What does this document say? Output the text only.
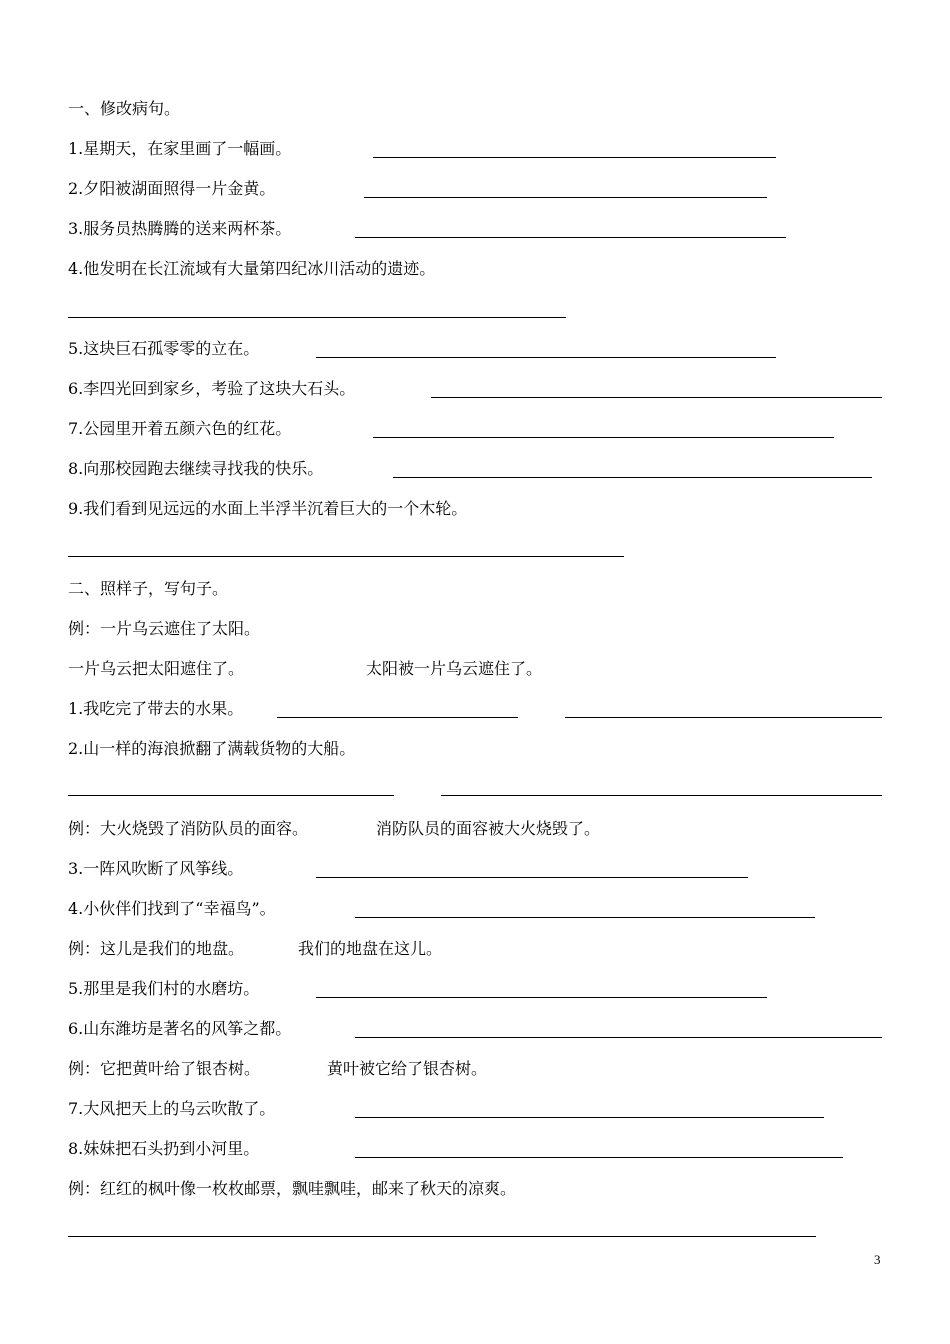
一、修改病句。
1.星期天，在家里画了一幅画。
2.夕阳被湖面照得一片金黄。
3.服务员热腾腾的送来两杯茶。
4.他发明在长江流域有大量第四纪冰川活动的遗迹。
5.这块巨石孤零零的立在。
6.李四光回到家乡，考验了这块大石头。
7.公园里开着五颜六色的红花。
8.向那校园跑去继续寻找我的快乐。
9.我们看到见远远的水面上半浮半沉着巨大的一个木轮。
二、照样子，写句子。
例：一片乌云遮住了太阳。
一片乌云把太阳遮住了。	太阳被一片乌云遮住了。
1.我吃完了带去的水果。
2.山一样的海浪掀翻了满载货物的大船。
例：大火烧毁了消防队员的面容。	消防队员的面容被大火烧毁了。
3.一阵风吹断了风筝线。
4.小伙伴们找到了“幸福鸟”。
例：这儿是我们的地盘。	我们的地盘在这儿。
5.那里是我们村的水磨坊。
6.山东潍坊是著名的风筝之都。
例：它把黄叶给了银杏树。	黄叶被它给了银杏树。
7.大风把天上的乌云吹散了。
8.妹妹把石头扔到小河里。
例：红红的枫叶像一枚枚邮票，飘哇飘哇，邮来了秋天的凉爽。
3
